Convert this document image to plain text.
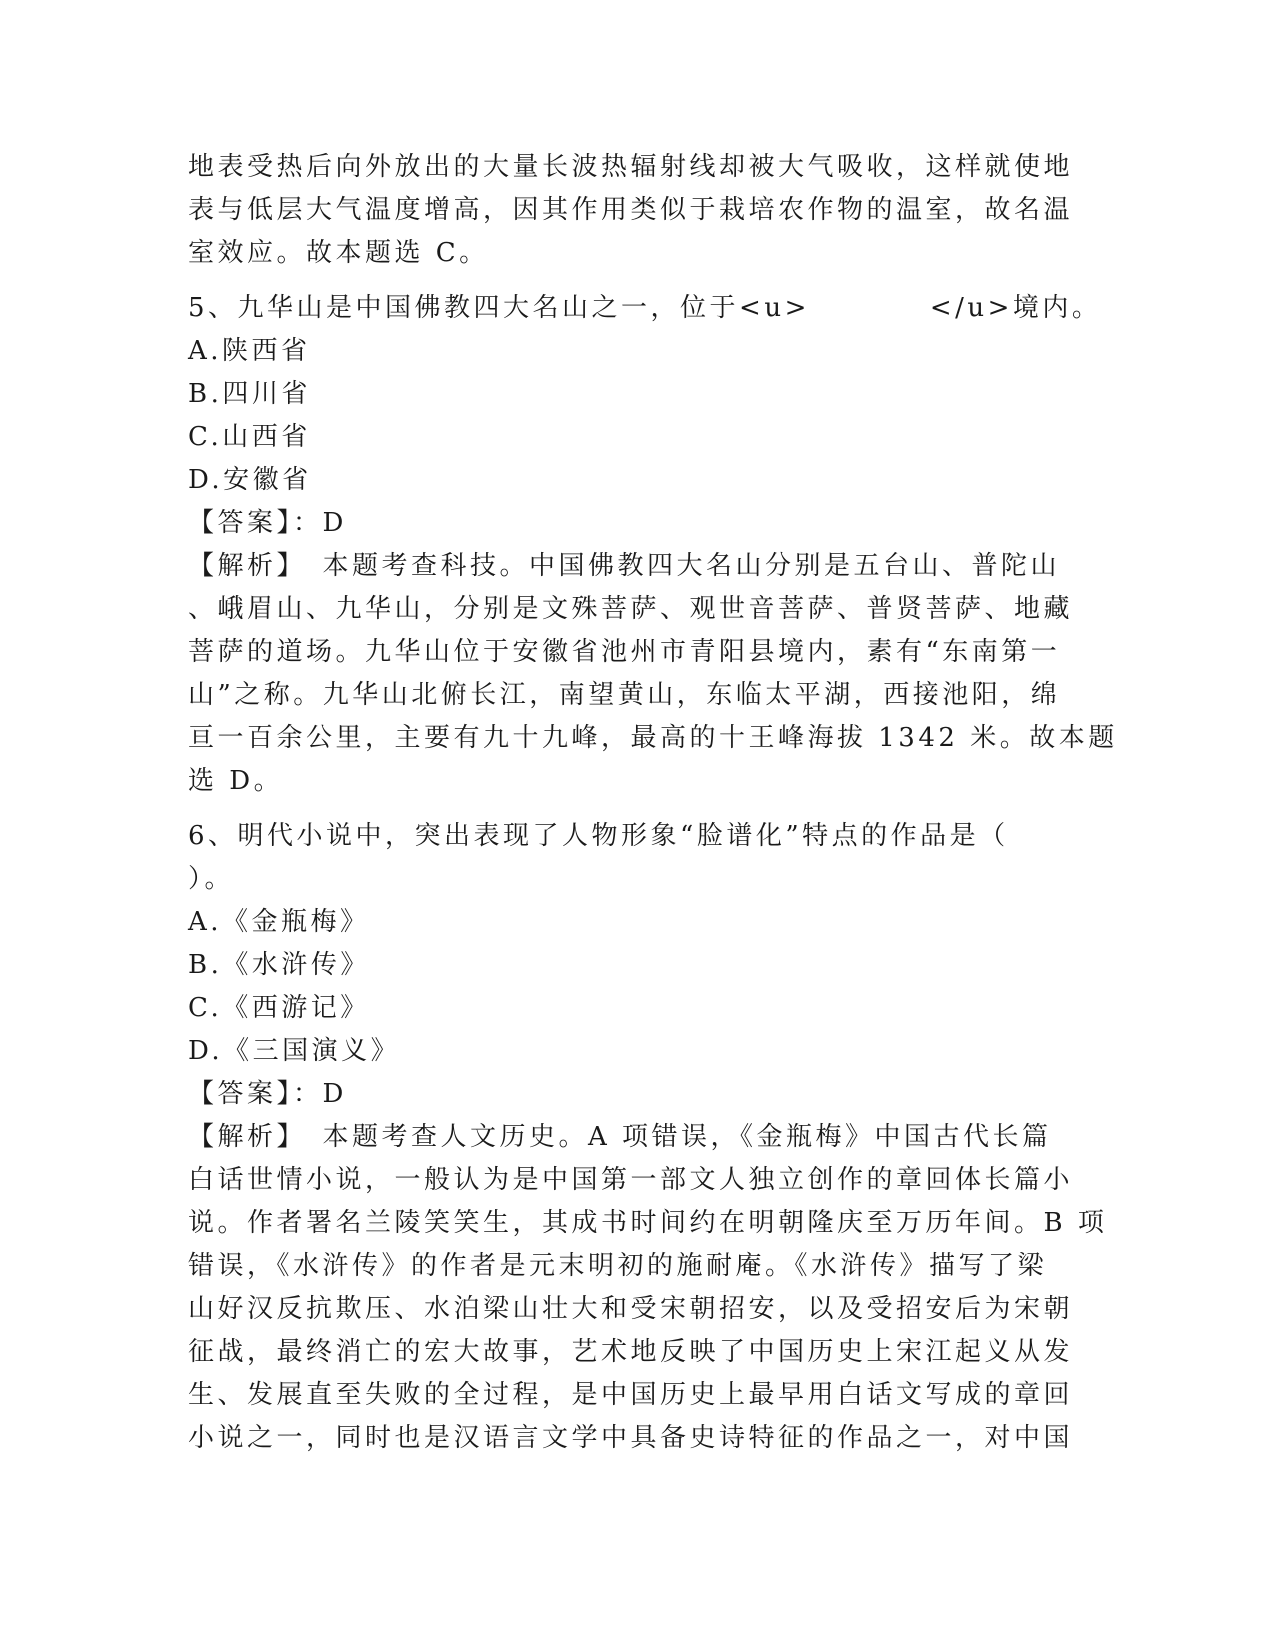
地表受热后向外放出的大量长波热辐射线却被大气吸收，这样就使地
表与低层大气温度增高，因其作用类似于栽培农作物的温室，故名温
室效应。故本题选 C。
5、九华山是中国佛教四大名山之一，位于<u>	</u>境内。
A.陕西省
B.四川省
C.山西省
D.安徽省
【答案】：D
【解析】　本题考查科技。中国佛教四大名山分别是五台山、普陀山
、峨眉山、九华山，分别是文殊菩萨、观世音菩萨、普贤菩萨、地藏
菩萨的道场。九华山位于安徽省池州市青阳县境内，素有“东南第一
山”之称。九华山北俯长江，南望黄山，东临太平湖，西接池阳，绵
亘一百余公里，主要有九十九峰，最高的十王峰海拔 1342 米。故本题
选 D。
6、明代小说中，突出表现了人物形象“脸谱化”特点的作品是（
）。
A.《金瓶梅》
B.《水浒传》
C.《西游记》
D.《三国演义》
【答案】：D
【解析】　本题考查人文历史。A 项错误，《金瓶梅》中国古代长篇
白话世情小说，一般认为是中国第一部文人独立创作的章回体长篇小
说。作者署名兰陵笑笑生，其成书时间约在明朝隆庆至万历年间。B 项
错误，《水浒传》的作者是元末明初的施耐庵。《水浒传》描写了梁
山好汉反抗欺压、水泊梁山壮大和受宋朝招安，以及受招安后为宋朝
征战，最终消亡的宏大故事，艺术地反映了中国历史上宋江起义从发
生、发展直至失败的全过程，是中国历史上最早用白话文写成的章回
小说之一，同时也是汉语言文学中具备史诗特征的作品之一，对中国
